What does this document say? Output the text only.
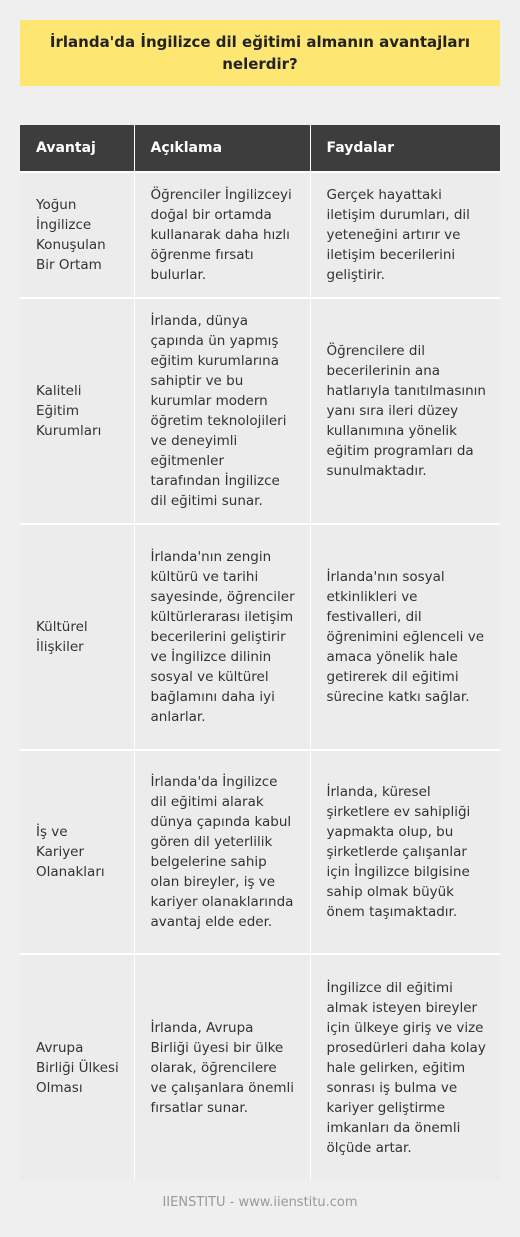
İrlanda'da İngilizce dil eğitimi almanın avantajları nelerdir?
Avantaj	Açıklama	Faydalar
Yoğun İngilizce Konuşulan Bir Ortam	Öğrenciler İngilizceyi doğal bir ortamda kullanarak daha hızlı öğrenme fırsatı bulurlar.	Gerçek hayattaki iletişim durumları, dil yeteneğini artırır ve iletişim becerilerini geliştirir.
Kaliteli Eğitim Kurumları	İrlanda, dünya çapında ün yapmış eğitim kurumlarına sahiptir ve bu kurumlar modern öğretim teknolojileri ve deneyimli eğitmenler tarafından İngilizce dil eğitimi sunar.	Öğrencilere dil becerilerinin ana hatlarıyla tanıtılmasının yanı sıra ileri düzey kullanımına yönelik eğitim programları da sunulmaktadır.
Kültürel İlişkiler	İrlanda'nın zengin kültürü ve tarihi sayesinde, öğrenciler kültürlerarası iletişim becerilerini geliştirir ve İngilizce dilinin sosyal ve kültürel bağlamını daha iyi anlarlar.	İrlanda'nın sosyal etkinlikleri ve festivalleri, dil öğrenimini eğlenceli ve amaca yönelik hale getirerek dil eğitimi sürecine katkı sağlar.
İş ve Kariyer Olanakları	İrlanda'da İngilizce dil eğitimi alarak dünya çapında kabul gören dil yeterlilik belgelerine sahip olan bireyler, iş ve kariyer olanaklarında avantaj elde eder.	İrlanda, küresel şirketlere ev sahipliği yapmakta olup, bu şirketlerde çalışanlar için İngilizce bilgisine sahip olmak büyük önem taşımaktadır.
Avrupa Birliği Ülkesi Olması	İrlanda, Avrupa Birliği üyesi bir ülke olarak, öğrencilere ve çalışanlara önemli fırsatlar sunar.	İngilizce dil eğitimi almak isteyen bireyler için ülkeye giriş ve vize prosedürleri daha kolay hale gelirken, eğitim sonrası iş bulma ve kariyer geliştirme imkanları da önemli ölçüde artar.
IIENSTITU - www.iienstitu.com
